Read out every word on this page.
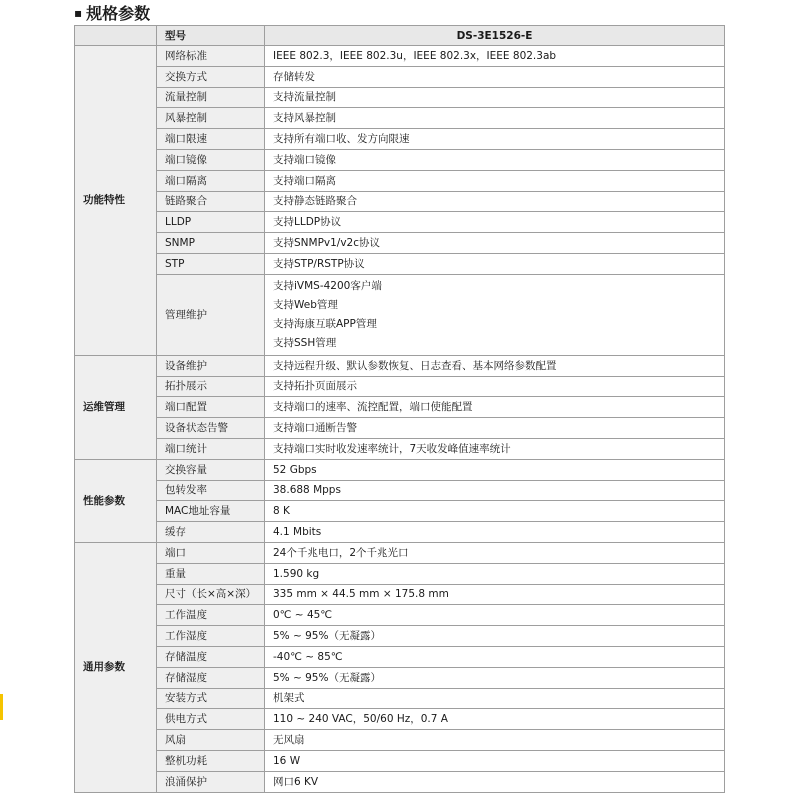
▪ 规格参数
	型号	DS-3E1526-E
功能特性	网络标准	IEEE 802.3，IEEE 802.3u，IEEE 802.3x，IEEE 802.3ab
	交换方式	存储转发
	流量控制	支持流量控制
	风暴控制	支持风暴控制
	端口限速	支持所有端口收、发方向限速
	端口镜像	支持端口镜像
	端口隔离	支持端口隔离
	链路聚合	支持静态链路聚合
	LLDP	支持LLDP协议
	SNMP	支持SNMPv1/v2c协议
	STP	支持STP/RSTP协议
	管理维护	支持iVMS-4200客户端
支持Web管理
支持海康互联APP管理
支持SSH管理

运维管理	设备维护	支持远程升级、默认参数恢复、日志查看、基本网络参数配置
	拓扑展示	支持拓扑页面展示
	端口配置	支持端口的速率、流控配置，端口使能配置
	设备状态告警	支持端口通断告警
	端口统计	支持端口实时收发速率统计，7天收发峰值速率统计
性能参数	交换容量	52 Gbps
	包转发率	38.688 Mpps
	MAC地址容量	8 K
	缓存	4.1 Mbits
通用参数	端口	24个千兆电口，2个千兆光口
	重量	1.590 kg
	尺寸（长×高×深）	335 mm × 44.5 mm × 175.8 mm
	工作温度	0℃ ~ 45℃
	工作湿度	5% ~ 95%（无凝露）
	存储温度	-40℃ ~ 85℃
	存储湿度	5% ~ 95%（无凝露）
	安装方式	机架式
	供电方式	110 ~ 240 VAC，50/60 Hz，0.7 A
	风扇	无风扇
	整机功耗	16 W
	浪涌保护	网口6 KV
